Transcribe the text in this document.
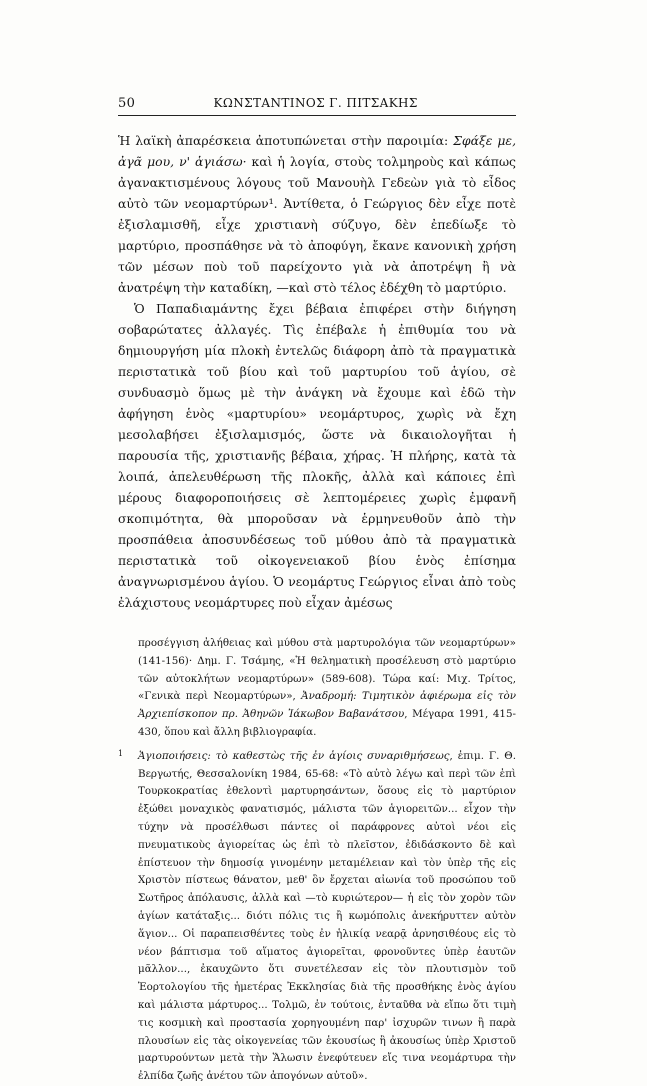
50	ΚΩΝΣΤΑΝΤΙΝΟΣ Γ. ΠΙΤΣΑΚΗΣ

Ἡ λαϊκὴ ἀπαρέσκεια ἀποτυπώνεται στὴν παροιμία: Σφάξε με, ἀγᾶ μου, ν' ἁγιάσω· καὶ ἡ λογία, στοὺς τολμηροὺς καὶ κάπως ἀγανακτισμένους λόγους τοῦ Μανουὴλ Γεδεὼν γιὰ τὸ εἶδος αὐτὸ τῶν νεομαρτύρων¹. Ἀντίθετα, ὁ Γεώργιος δὲν εἶχε ποτὲ ἐξισλαμισθῆ, εἶχε χριστιανὴ σύζυγο, δὲν ἐπεδίωξε τὸ μαρτύριο, προσπάθησε νὰ τὸ ἀποφύγη, ἔκανε κανονικὴ χρήση τῶν μέσων ποὺ τοῦ παρείχοντο γιὰ νὰ ἀποτρέψη ἢ νὰ ἀνατρέψη τὴν καταδίκη, —καὶ στὸ τέλος ἐδέχθη τὸ μαρτύριο.

Ὁ Παπαδιαμάντης ἔχει βέβαια ἐπιφέρει στὴν διήγηση σοβαρώτατες ἀλλαγές. Τὶς ἐπέβαλε ἡ ἐπιθυμία του νὰ δημιουργήση μία πλοκὴ ἐντελῶς διάφορη ἀπὸ τὰ πραγματικὰ περιστατικὰ τοῦ βίου καὶ τοῦ μαρτυρίου τοῦ ἁγίου, σὲ συνδυασμὸ ὅμως μὲ τὴν ἀνάγκη νὰ ἔχουμε καὶ ἐδῶ τὴν ἀφήγηση ἑνὸς «μαρτυρίου» νεομάρτυρος, χωρὶς νὰ ἔχη μεσολαβήσει ἐξισλαμισμός, ὥστε νὰ δικαιολογῆται ἡ παρουσία τῆς, χριστιανῆς βέβαια, χήρας. Ἡ πλήρης, κατὰ τὰ λοιπά, ἀπελευθέρωση τῆς πλοκῆς, ἀλλὰ καὶ κάποιες ἐπὶ μέρους διαφοροποιήσεις σὲ λεπτομέρειες χωρὶς ἐμφανῆ σκοπιμότητα, θὰ μποροῦσαν νὰ ἑρμηνευθοῦν ἀπὸ τὴν προσπάθεια ἀποσυνδέσεως τοῦ μύθου ἀπὸ τὰ πραγματικὰ περιστατικὰ τοῦ οἰκογενειακοῦ βίου ἑνὸς ἐπίσημα ἀναγνωρισμένου ἁγίου. Ὁ νεομάρτυς Γεώργιος εἶναι ἀπὸ τοὺς ἐλάχιστους νεομάρτυρες ποὺ εἶχαν ἀμέσως

προσέγγιση ἀλήθειας καὶ μύθου στὰ μαρτυρολόγια τῶν νεομαρτύρων» (141-156)· Δημ. Γ. Τσάμης, «Ἡ θεληματικὴ προσέλευση στὸ μαρτύριο τῶν αὐτοκλήτων νεομαρτύρων» (589-608). Τώρα καί: Μιχ. Τρίτος, «Γενικὰ περὶ Νεομαρτύρων», Ἀναδρομή: Τιμητικὸν ἀφιέρωμα εἰς τὸν Ἀρχιεπίσκοπον πρ. Ἀθηνῶν Ἰάκωβον Βαβανάτσου, Μέγαρα 1991, 415-430, ὅπου καὶ ἄλλη βιβλιογραφία.

1 Ἁγιοποιήσεις: τὸ καθεστὼς τῆς ἐν ἁγίοις συναριθμήσεως, ἐπιμ. Γ. Θ. Βεργωτής, Θεσσαλονίκη 1984, 65-68: «Τὸ αὐτὸ λέγω καὶ περὶ τῶν ἐπὶ Τουρκοκρατίας ἐθελοντὶ μαρτυρησάντων, ὅσους εἰς τὸ μαρτύριον ἐξώθει μοναχικὸς φανατισμός, μάλιστα τῶν ἁγιορειτῶν... εἶχον τὴν τύχην νὰ προσέλθωσι πάντες οἱ παράφρονες αὐτοὶ νέοι εἰς πνευματικοὺς ἁγιορείτας ὡς ἐπὶ τὸ πλεῖστον, ἐδιδάσκοντο δὲ καὶ ἐπίστευον τὴν δημοσίᾳ γινομένην μεταμέλειαν καὶ τὸν ὑπὲρ τῆς εἰς Χριστὸν πίστεως θάνατον, μεθ' ὃν ἔρχεται αἰωνία τοῦ προσώπου τοῦ Σωτῆρος ἀπόλαυσις, ἀλλὰ καὶ —τὸ κυριώτερον— ἡ εἰς τὸν χορὸν τῶν ἁγίων κατάταξις... διότι πόλις τις ἢ κωμόπολις ἀνεκήρυττεν αὐτὸν ἅγιον... Οἱ παραπεισθέντες τοὺς ἐν ἡλικίᾳ νεαρᾷ ἀρνησιθέους εἰς τὸ νέον βάπτισμα τοῦ αἵματος ἁγιορεῖται, φρονοῦντες ὑπὲρ ἑαυτῶν μᾶλλον..., ἐκαυχῶντο ὅτι συνετέλεσαν εἰς τὸν πλουτισμὸν τοῦ Ἑορτολογίου τῆς ἡμετέρας Ἐκκλησίας διὰ τῆς προσθήκης ἑνὸς ἁγίου καὶ μάλιστα μάρτυρος... Τολμῶ, ἐν τούτοις, ἐνταῦθα νὰ εἴπω ὅτι τιμὴ τις κοσμικὴ καὶ προστασία χορηγουμένη παρ' ἰσχυρῶν τινων ἢ παρὰ πλουσίων εἰς τὰς οἰκογενείας τῶν ἑκουσίως ἢ ἀκουσίως ὑπὲρ Χριστοῦ μαρτυρούντων μετὰ τὴν Ἅλωσιν ἐνεφύτευεν εἴς τινα νεομάρτυρα τὴν ἐλπίδα ζωῆς ἀνέτου τῶν ἀπογόνων αὐτοῦ».
